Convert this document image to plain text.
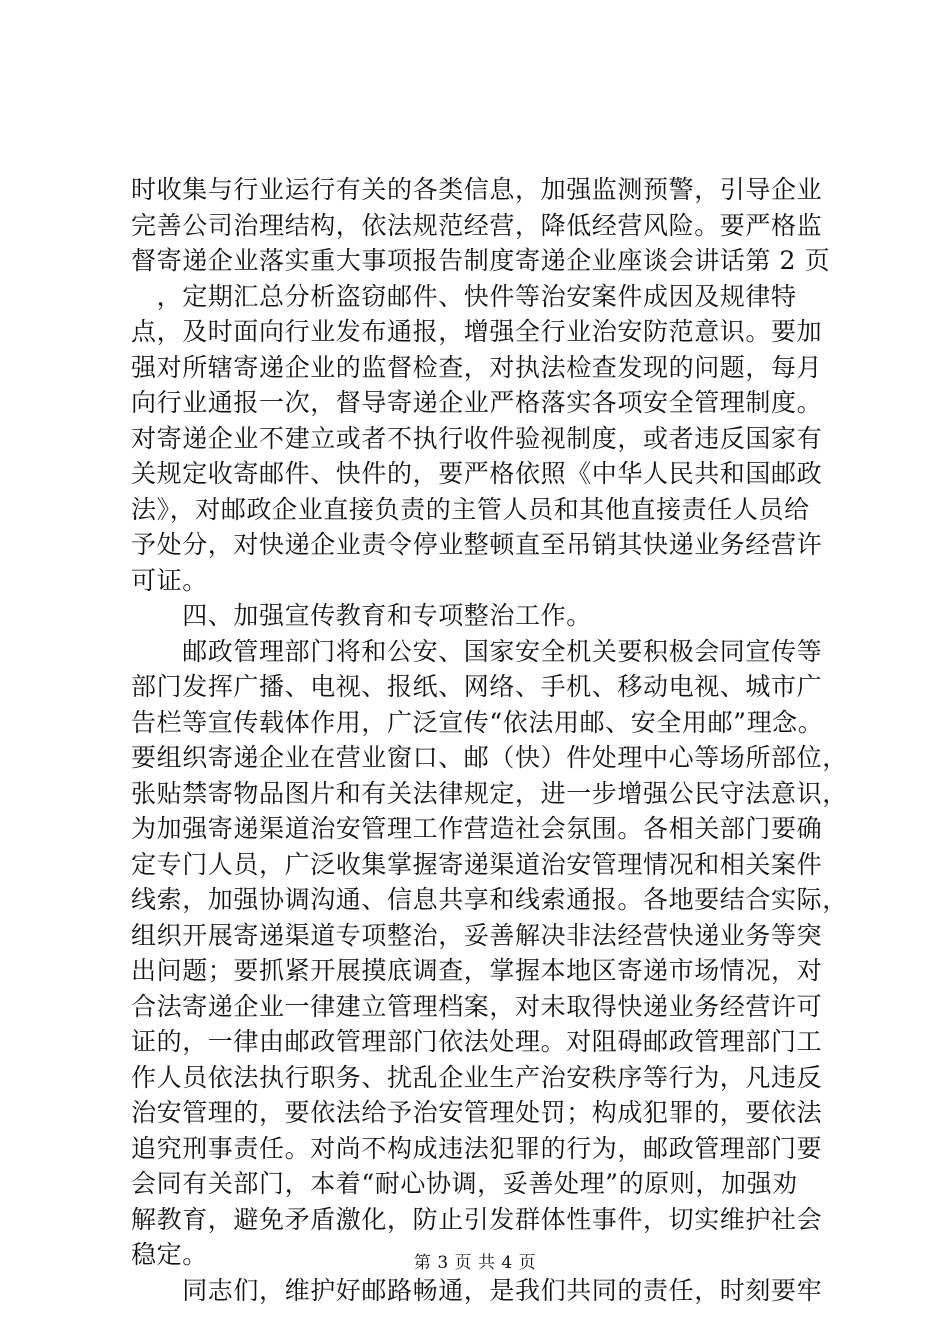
时收集与行业运行有关的各类信息，加强监测预警，引导企业
完善公司治理结构，依法规范经营，降低经营风险。要严格监
督寄递企业落实重大事项报告制度寄递企业座谈会讲话第 2 页
　，定期汇总分析盗窃邮件、快件等治安案件成因及规律特
点，及时面向行业发布通报，增强全行业治安防范意识。要加
强对所辖寄递企业的监督检查，对执法检查发现的问题，每月
向行业通报一次，督导寄递企业严格落实各项安全管理制度。
对寄递企业不建立或者不执行收件验视制度，或者违反国家有
关规定收寄邮件、快件的，要严格依照《中华人民共和国邮政
法》，对邮政企业直接负责的主管人员和其他直接责任人员给
予处分，对快递企业责令停业整顿直至吊销其快递业务经营许
可证。
　　四、加强宣传教育和专项整治工作。
　　邮政管理部门将和公安、国家安全机关要积极会同宣传等
部门发挥广播、电视、报纸、网络、手机、移动电视、城市广
告栏等宣传载体作用，广泛宣传“依法用邮、安全用邮”理念。
要组织寄递企业在营业窗口、邮（快）件处理中心等场所部位，
张贴禁寄物品图片和有关法律规定，进一步增强公民守法意识，
为加强寄递渠道治安管理工作营造社会氛围。各相关部门要确
定专门人员，广泛收集掌握寄递渠道治安管理情况和相关案件
线索，加强协调沟通、信息共享和线索通报。各地要结合实际，
组织开展寄递渠道专项整治，妥善解决非法经营快递业务等突
出问题；要抓紧开展摸底调查，掌握本地区寄递市场情况，对
合法寄递企业一律建立管理档案，对未取得快递业务经营许可
证的，一律由邮政管理部门依法处理。对阻碍邮政管理部门工
作人员依法执行职务、扰乱企业生产治安秩序等行为，凡违反
治安管理的，要依法给予治安管理处罚；构成犯罪的，要依法
追究刑事责任。对尚不构成违法犯罪的行为，邮政管理部门要
会同有关部门，本着“耐心协调，妥善处理”的原则，加强劝
解教育，避免矛盾激化，防止引发群体性事件，切实维护社会
稳定。
　　同志们，维护好邮路畅通，是我们共同的责任，时刻要牢
第 3 页 共 4 页
